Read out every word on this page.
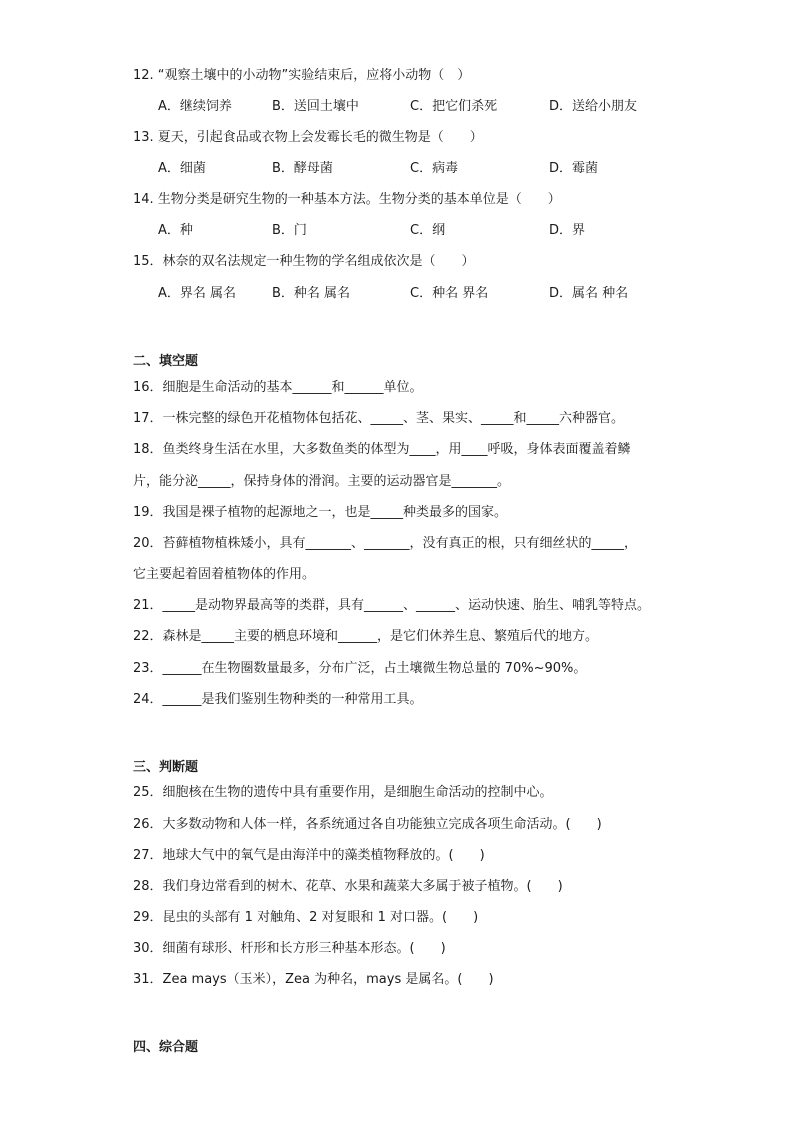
12. “观察土壤中的小动物”实验结束后，应将小动物（　）
A．继续饲养	B．送回土壤中	C．把它们杀死	D．送给小朋友
13. 夏天，引起食品或衣物上会发霉长毛的微生物是（　　）
A．细菌	B．酵母菌	C．病毒	D．霉菌
14. 生物分类是研究生物的一种基本方法。生物分类的基本单位是（　　）
A．种	B．门	C．纲	D．界
15．林奈的双名法规定一种生物的学名组成依次是（　　）
A．界名 属名	B．种名 属名	C．种名 界名	D．属名 种名
二、填空题
16．细胞是生命活动的基本______和______单位。
17．一株完整的绿色开花植物体包括花、_____、茎、果实、_____和_____六种器官。
18．鱼类终身生活在水里，大多数鱼类的体型为____，用____呼吸，身体表面覆盖着鳞
片，能分泌_____，保持身体的滑润。主要的运动器官是_______。
19．我国是裸子植物的起源地之一，也是_____种类最多的国家。
20．苔藓植物植株矮小，具有_______、_______，没有真正的根，只有细丝状的_____，
它主要起着固着植物体的作用。
21．_____是动物界最高等的类群，具有______、______、运动快速、胎生、哺乳等特点。
22．森林是_____主要的栖息环境和______，是它们休养生息、繁殖后代的地方。
23．______在生物圈数量最多，分布广泛，占土壤微生物总量的 70%~90%。
24．______是我们鉴别生物种类的一种常用工具。
三、判断题
25．细胞核在生物的遗传中具有重要作用，是细胞生命活动的控制中心。
26．大多数动物和人体一样，各系统通过各自功能独立完成各项生命活动。(　　)
27．地球大气中的氧气是由海洋中的藻类植物释放的。(　　)
28．我们身边常看到的树木、花草、水果和蔬菜大多属于被子植物。(　　)
29．昆虫的头部有 1 对触角、2 对复眼和 1 对口器。(　　)
30．细菌有球形、杆形和长方形三种基本形态。(　　)
31．Zea mays（玉米），Zea 为种名，mays 是属名。(　　)
四、综合题
